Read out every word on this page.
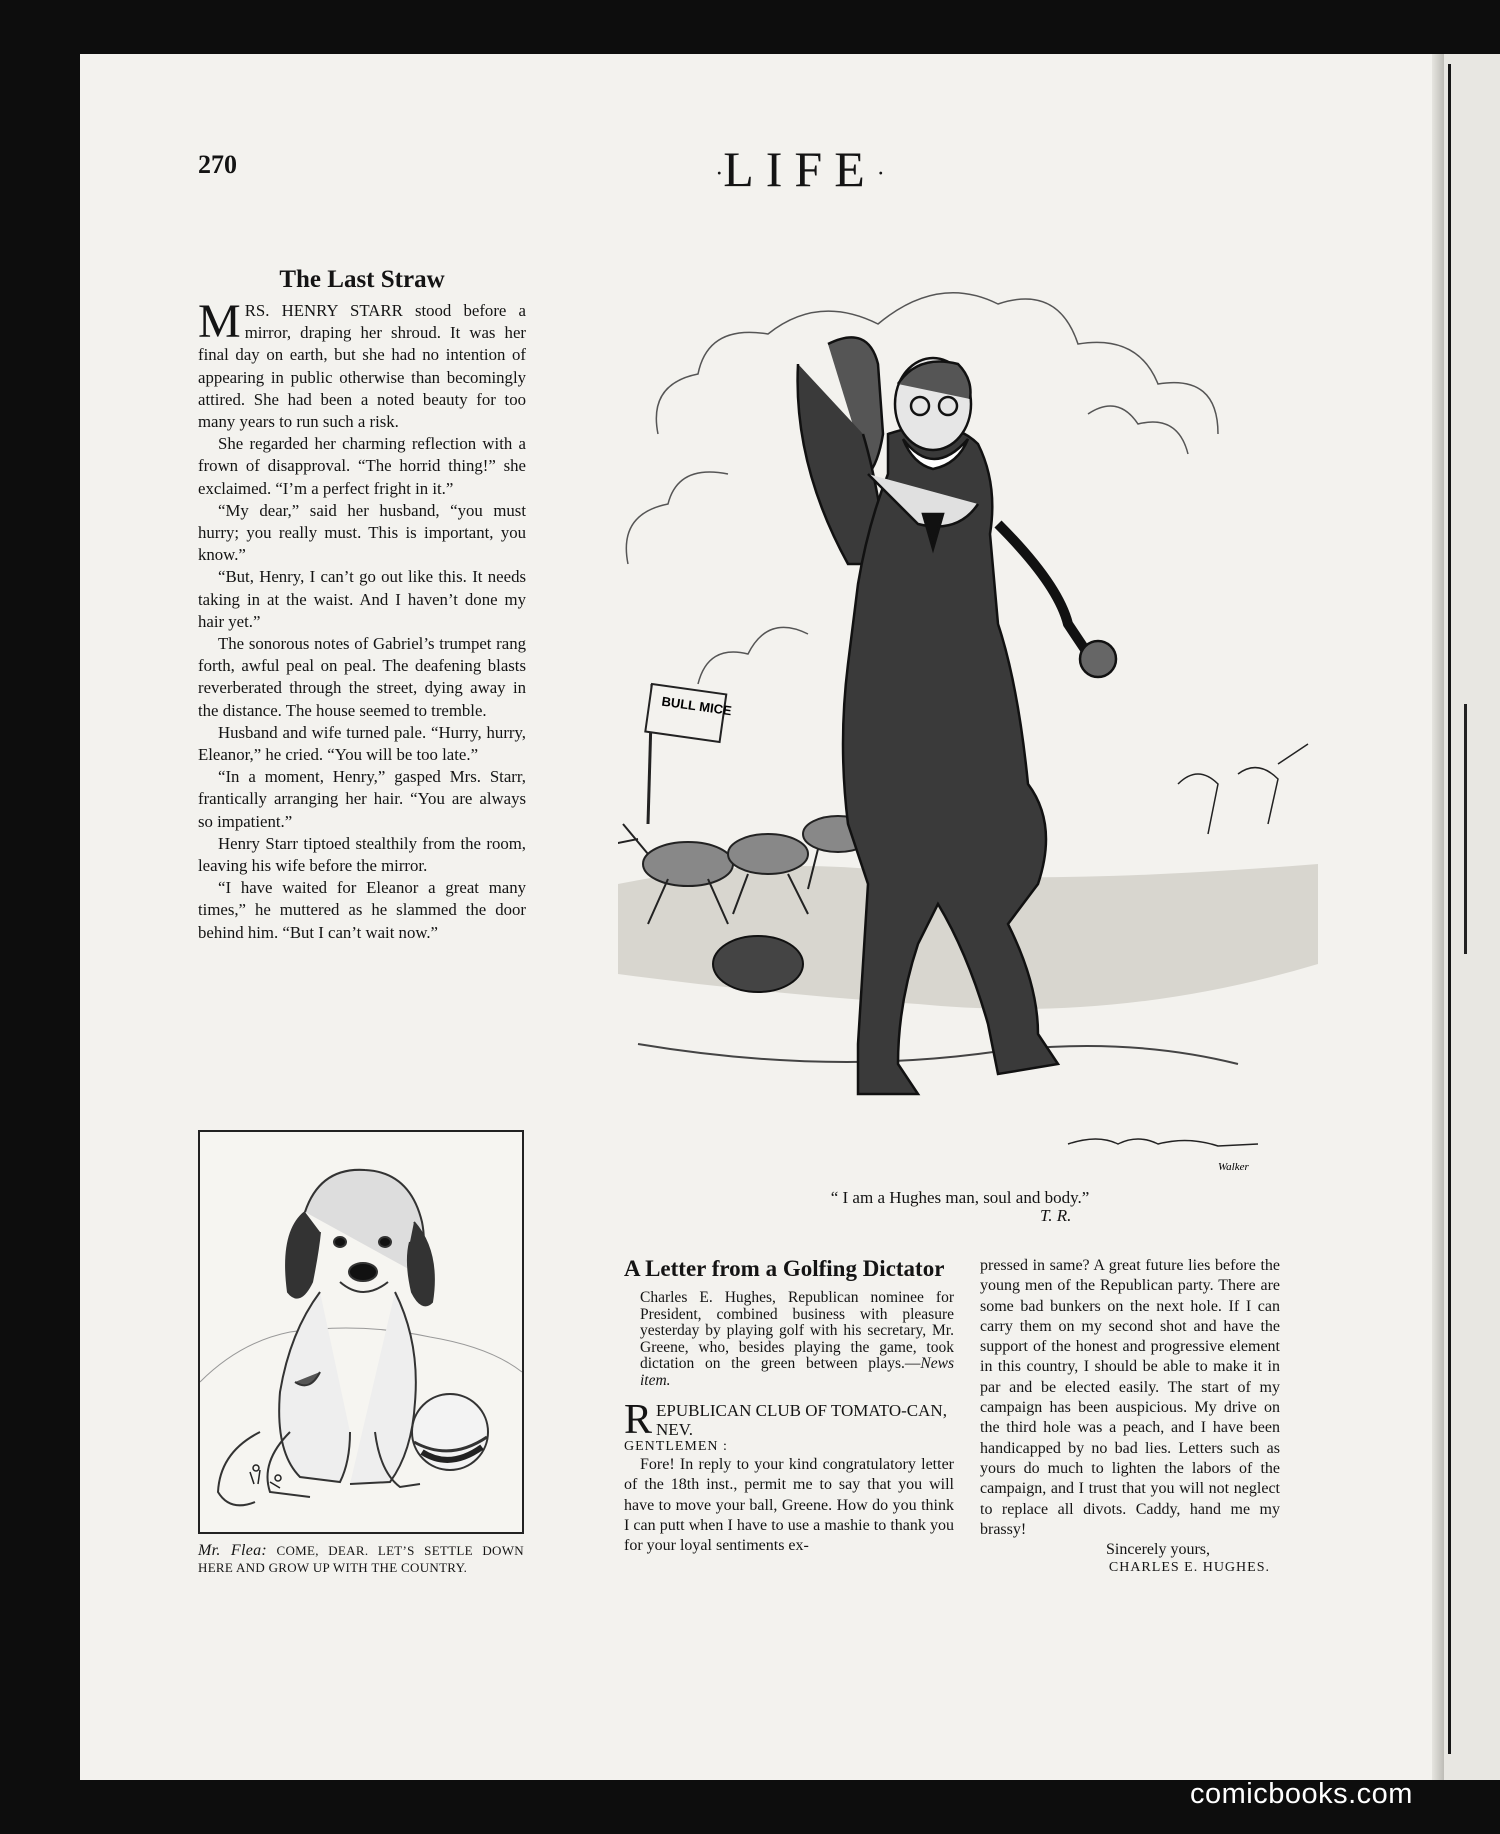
270	·LIFE·
The Last Straw

MRS. HENRY STARR stood before a mirror, draping her shroud. It was her final day on earth, but she had no intention of appearing in public otherwise than becomingly attired. She had been a noted beauty for too many years to run such a risk.

She regarded her charming reflection with a frown of disapproval. “The horrid thing!” she exclaimed. “I’m a perfect fright in it.”

“My dear,” said her husband, “you must hurry; you really must. This is important, you know.”

“But, Henry, I can’t go out like this. It needs taking in at the waist. And I haven’t done my hair yet.”

The sonorous notes of Gabriel’s trumpet rang forth, awful peal on peal. The deafening blasts reverberated through the street, dying away in the distance. The house seemed to tremble.

Husband and wife turned pale. “Hurry, hurry, Eleanor,” he cried. “You will be too late.”

“In a moment, Henry,” gasped Mrs. Starr, frantically arranging her hair. “You are always so impatient.”

Henry Starr tiptoed stealthily from the room, leaving his wife before the mirror.

“I have waited for Eleanor a great many times,” he muttered as he slammed the door behind him. “But I can’t wait now.”

Mr. Flea: COME, DEAR. LET’S SETTLE DOWN HERE AND GROW UP WITH THE COUNTRY.

BULL MICE
Walker

“ I am a Hughes man, soul and body.”

T. R.

A Letter from a Golfing Dictator

Charles E. Hughes, Republican nominee for President, combined business with pleasure yesterday by playing golf with his secretary, Mr. Greene, who, besides playing the game, took dictation on the green between plays.—News item.

REPUBLICAN CLUB OF TOMATO-CAN, NEV.

GENTLEMEN :

Fore! In reply to your kind congratulatory letter of the 18th inst., permit me to say that you will have to move your ball, Greene. How do you think I can putt when I have to use a mashie to thank you for your loyal sentiments ex-

pressed in same? A great future lies before the young men of the Republican party. There are some bad bunkers on the next hole. If I can carry them on my second shot and have the support of the honest and progressive element in this country, I should be able to make it in par and be elected easily. The start of my campaign has been auspicious. My drive on the third hole was a peach, and I have been handicapped by no bad lies. Letters such as yours do much to lighten the labors of the campaign, and I trust that you will not neglect to replace all divots. Caddy, hand me my brassy!

Sincerely yours,

CHARLES E. HUGHES.

comicbooks.com
